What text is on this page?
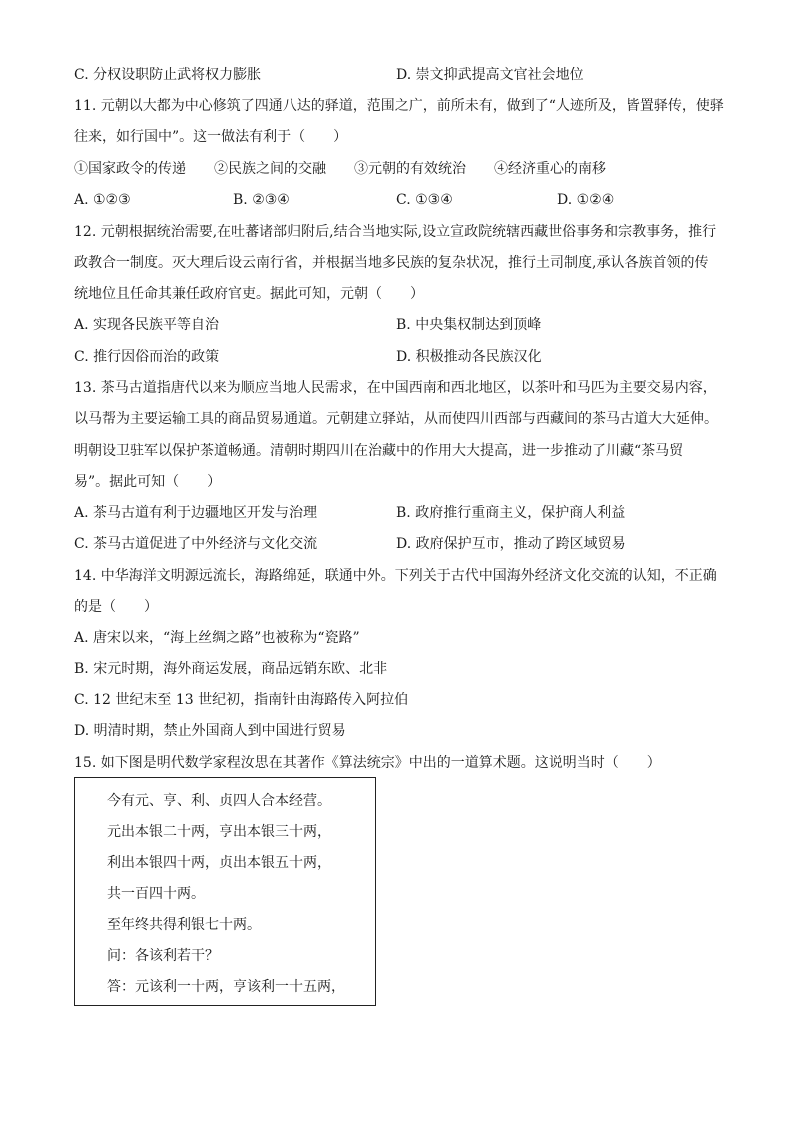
C. 分权设职防止武将权力膨胀	D. 崇文抑武提高文官社会地位
11. 元朝以大都为中心修筑了四通八达的驿道，范围之广，前所未有，做到了“人迹所及，皆置驿传，使驿
往来，如行国中”。这一做法有利于（　　）
①国家政令的传递　　②民族之间的交融　　③元朝的有效统治　　④经济重心的南移
A. ①②③	B. ②③④	C. ①③④	D. ①②④
12. 元朝根据统治需要,在吐蕃诸部归附后,结合当地实际,设立宣政院统辖西藏世俗事务和宗教事务，推行
政教合一制度。灭大理后设云南行省，并根据当地多民族的复杂状况，推行土司制度,承认各族首领的传
统地位且任命其兼任政府官吏。据此可知，元朝（　　）
A. 实现各民族平等自治	B. 中央集权制达到顶峰
C. 推行因俗而治的政策	D. 积极推动各民族汉化
13. 茶马古道指唐代以来为顺应当地人民需求，在中国西南和西北地区，以茶叶和马匹为主要交易内容，
以马帮为主要运输工具的商品贸易通道。元朝建立驿站，从而使四川西部与西藏间的茶马古道大大延伸。
明朝设卫驻军以保护茶道畅通。清朝时期四川在治藏中的作用大大提高，进一步推动了川藏“茶马贸
易”。据此可知（　　）
A. 茶马古道有利于边疆地区开发与治理	B. 政府推行重商主义，保护商人利益
C. 茶马古道促进了中外经济与文化交流	D. 政府保护互市，推动了跨区域贸易
14. 中华海洋文明源远流长，海路绵延，联通中外。下列关于古代中国海外经济文化交流的认知，不正确
的是（　　）
A. 唐宋以来，“海上丝绸之路”也被称为“瓷路”
B. 宋元时期，海外商运发展，商品远销东欧、北非
C. 12 世纪末至 13 世纪初，指南针由海路传入阿拉伯
D. 明清时期，禁止外国商人到中国进行贸易
15. 如下图是明代数学家程汝思在其著作《算法统宗》中出的一道算术题。这说明当时（　　）
今有元、亨、利、贞四人合本经营。
元出本银二十两，亨出本银三十两，
利出本银四十两，贞出本银五十两，
共一百四十两。
至年终共得利银七十两。
问：各该利若干？
答：元该利一十两，亨该利一十五两，
